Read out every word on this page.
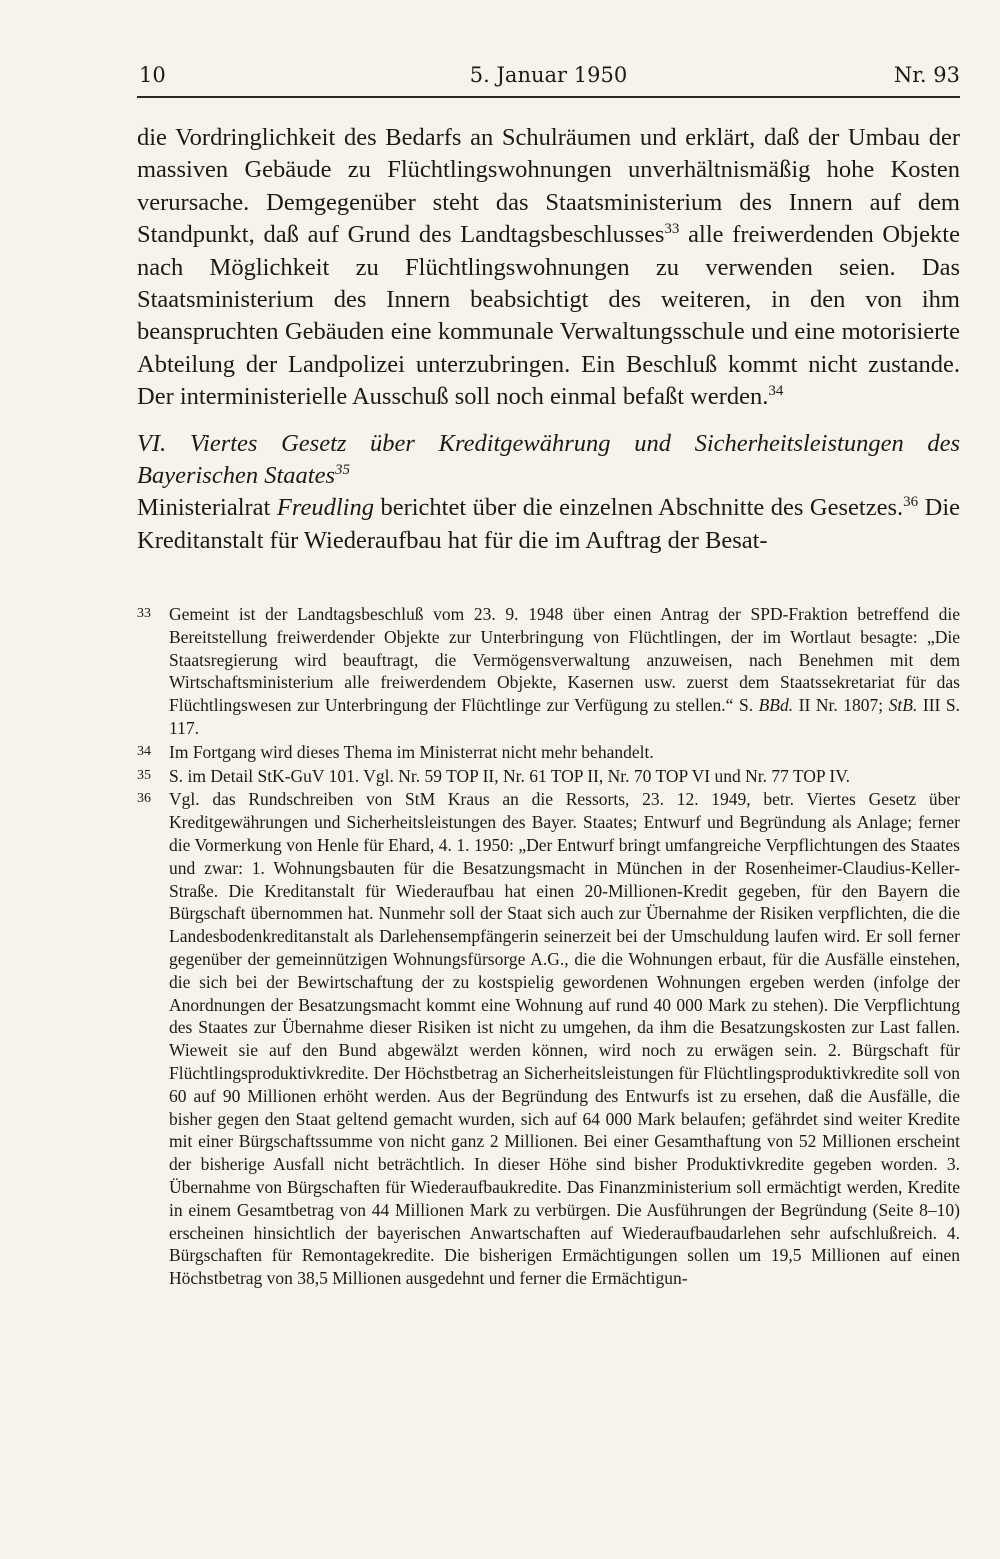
10	5. Januar 1950	Nr. 93

die Vordringlichkeit des Bedarfs an Schulräumen und erklärt, daß der Umbau der massiven Gebäude zu Flüchtlingswohnungen unverhältnismäßig hohe Kosten verursache. Demgegenüber steht das Staatsministerium des Innern auf dem Standpunkt, daß auf Grund des Landtagsbeschlusses$^{33}$ alle freiwerdenden Objekte nach Möglichkeit zu Flüchtlingswohnungen zu verwenden seien. Das Staatsministerium des Innern beabsichtigt des weiteren, in den von ihm beanspruchten Gebäuden eine kommunale Verwaltungsschule und eine motorisierte Abteilung der Landpolizei unterzubringen. Ein Beschluß kommt nicht zustande. Der interministerielle Ausschuß soll noch einmal befaßt werden.$^{34}$

VI. Viertes Gesetz über Kreditgewährung und Sicherheitsleistungen des Bayerischen Staates$^{35}$

Ministerialrat Freudling berichtet über die einzelnen Abschnitte des Gesetzes.$^{36}$ Die Kreditanstalt für Wiederaufbau hat für die im Auftrag der Besat-

33	Gemeint ist der Landtagsbeschluß vom 23. 9. 1948 über einen Antrag der SPD-Fraktion betreffend die Bereitstellung freiwerdender Objekte zur Unterbringung von Flüchtlingen, der im Wortlaut besagte: „Die Staatsregierung wird beauftragt, die Vermögensverwaltung anzuweisen, nach Benehmen mit dem Wirtschaftsministerium alle freiwerdendem Objekte, Kasernen usw. zuerst dem Staatssekretariat für das Flüchtlingswesen zur Unterbringung der Flüchtlinge zur Verfügung zu stellen.“ S. BBd. II Nr. 1807; StB. III S. 117.
34	Im Fortgang wird dieses Thema im Ministerrat nicht mehr behandelt.
35	S. im Detail StK-GuV 101. Vgl. Nr. 59 TOP II, Nr. 61 TOP II, Nr. 70 TOP VI und Nr. 77 TOP IV.
36	Vgl. das Rundschreiben von StM Kraus an die Ressorts, 23. 12. 1949, betr. Viertes Gesetz über Kreditgewährungen und Sicherheitsleistungen des Bayer. Staates; Entwurf und Begründung als Anlage; ferner die Vormerkung von Henle für Ehard, 4. 1. 1950: „Der Entwurf bringt umfangreiche Verpflichtungen des Staates und zwar: 1. Wohnungsbauten für die Besatzungsmacht in München in der Rosenheimer-Claudius-Keller-Straße. Die Kreditanstalt für Wiederaufbau hat einen 20-Millionen-Kredit gegeben, für den Bayern die Bürgschaft übernommen hat. Nunmehr soll der Staat sich auch zur Übernahme der Risiken verpflichten, die die Landesbodenkreditanstalt als Darlehensempfängerin seinerzeit bei der Umschuldung laufen wird. Er soll ferner gegenüber der gemeinnützigen Wohnungsfürsorge A.G., die die Wohnungen erbaut, für die Ausfälle einstehen, die sich bei der Bewirtschaftung der zu kostspielig gewordenen Wohnungen ergeben werden (infolge der Anordnungen der Besatzungsmacht kommt eine Wohnung auf rund 40 000 Mark zu stehen). Die Verpflichtung des Staates zur Übernahme dieser Risiken ist nicht zu umgehen, da ihm die Besatzungskosten zur Last fallen. Wieweit sie auf den Bund abgewälzt werden können, wird noch zu erwägen sein. 2. Bürgschaft für Flüchtlingsproduktivkredite. Der Höchstbetrag an Sicherheitsleistungen für Flüchtlingsproduktivkredite soll von 60 auf 90 Millionen erhöht werden. Aus der Begründung des Entwurfs ist zu ersehen, daß die Ausfälle, die bisher gegen den Staat geltend gemacht wurden, sich auf 64 000 Mark belaufen; gefährdet sind weiter Kredite mit einer Bürgschaftssumme von nicht ganz 2 Millionen. Bei einer Gesamthaftung von 52 Millionen erscheint der bisherige Ausfall nicht beträchtlich. In dieser Höhe sind bisher Produktivkredite gegeben worden. 3. Übernahme von Bürgschaften für Wiederaufbaukredite. Das Finanzministerium soll ermächtigt werden, Kredite in einem Gesamtbetrag von 44 Millionen Mark zu verbürgen. Die Ausführungen der Begründung (Seite 8–10) erscheinen hinsichtlich der bayerischen Anwartschaften auf Wiederaufbaudarlehen sehr aufschlußreich. 4. Bürgschaften für Remontagekredite. Die bisherigen Ermächtigungen sollen um 19,5 Millionen auf einen Höchstbetrag von 38,5 Millionen ausgedehnt und ferner die Ermächtigun-
